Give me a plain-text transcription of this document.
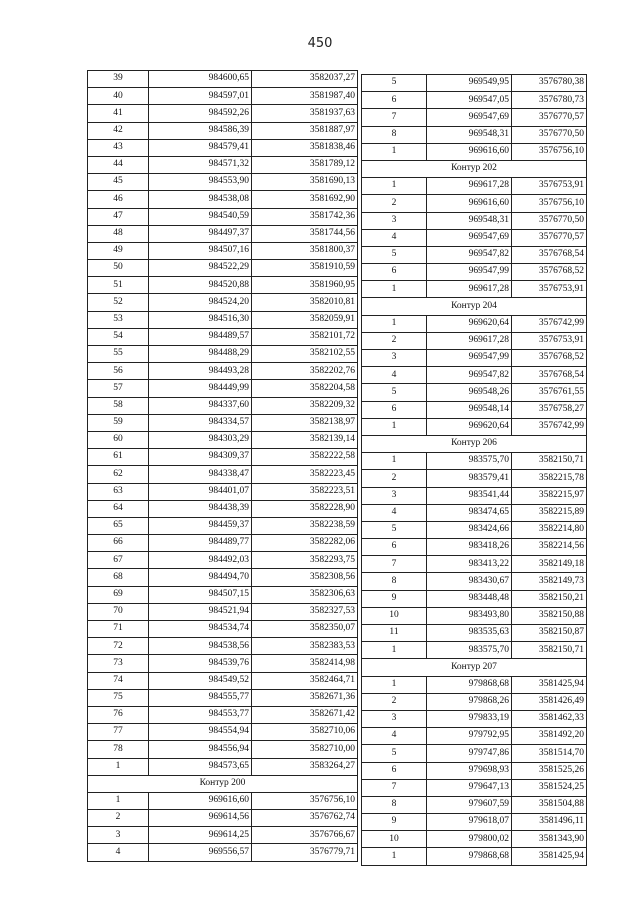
450
39	984600,65	3582037,27
40	984597,01	3581987,40
41	984592,26	3581937,63
42	984586,39	3581887,97
43	984579,41	3581838,46
44	984571,32	3581789,12
45	984553,90	3581690,13
46	984538,08	3581692,90
47	984540,59	3581742,36
48	984497,37	3581744,56
49	984507,16	3581800,37
50	984522,29	3581910,59
51	984520,88	3581960,95
52	984524,20	3582010,81
53	984516,30	3582059,91
54	984489,57	3582101,72
55	984488,29	3582102,55
56	984493,28	3582202,76
57	984449,99	3582204,58
58	984337,60	3582209,32
59	984334,57	3582138,97
60	984303,29	3582139,14
61	984309,37	3582222,58
62	984338,47	3582223,45
63	984401,07	3582223,51
64	984438,39	3582228,90
65	984459,37	3582238,59
66	984489,77	3582282,06
67	984492,03	3582293,75
68	984494,70	3582308,56
69	984507,15	3582306,63
70	984521,94	3582327,53
71	984534,74	3582350,07
72	984538,56	3582383,53
73	984539,76	3582414,98
74	984549,52	3582464,71
75	984555,77	3582671,36
76	984553,77	3582671,42
77	984554,94	3582710,06
78	984556,94	3582710,00
1	984573,65	3583264,27
Контур 200		
1	969616,60	3576756,10
2	969614,56	3576762,74
3	969614,25	3576766,67
4	969556,57	3576779,71
5	969549,95	3576780,38
6	969547,05	3576780,73
7	969547,69	3576770,57
8	969548,31	3576770,50
1	969616,60	3576756,10
Контур 202		
1	969617,28	3576753,91
2	969616,60	3576756,10
3	969548,31	3576770,50
4	969547,69	3576770,57
5	969547,82	3576768,54
6	969547,99	3576768,52
1	969617,28	3576753,91
Контур 204		
1	969620,64	3576742,99
2	969617,28	3576753,91
3	969547,99	3576768,52
4	969547,82	3576768,54
5	969548,26	3576761,55
6	969548,14	3576758,27
1	969620,64	3576742,99
Контур 206		
1	983575,70	3582150,71
2	983579,41	3582215,78
3	983541,44	3582215,97
4	983474,65	3582215,89
5	983424,66	3582214,80
6	983418,26	3582214,56
7	983413,22	3582149,18
8	983430,67	3582149,73
9	983448,48	3582150,21
10	983493,80	3582150,88
11	983535,63	3582150,87
1	983575,70	3582150,71
Контур 207		
1	979868,68	3581425,94
2	979868,26	3581426,49
3	979833,19	3581462,33
4	979792,95	3581492,20
5	979747,86	3581514,70
6	979698,93	3581525,26
7	979647,13	3581524,25
8	979607,59	3581504,88
9	979618,07	3581496,11
10	979800,02	3581343,90
1	979868,68	3581425,94
